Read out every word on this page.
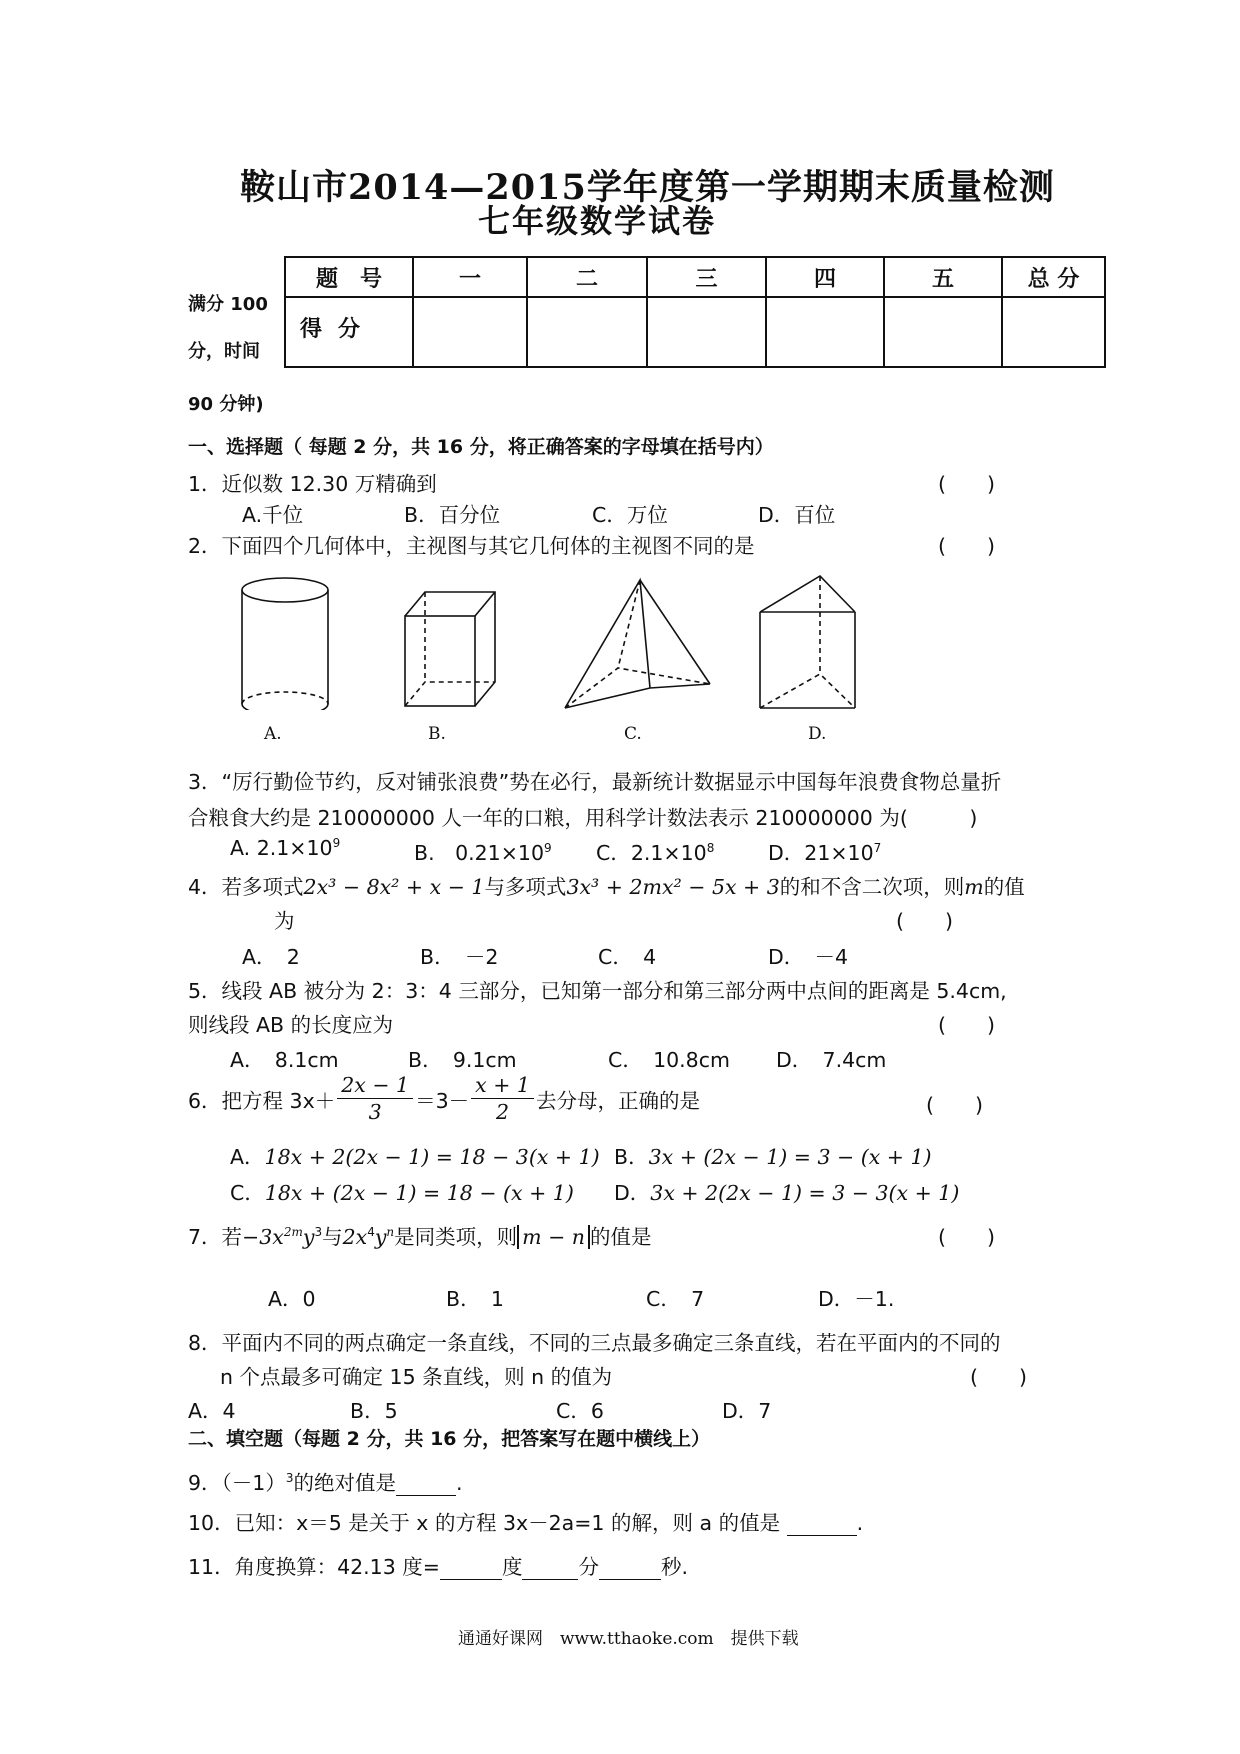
鞍山市2014—2015学年度第一学期期末质量检测
七年级数学试卷
满分 100
分，时间
90 分钟)
题　号	一	二	三	四	五	总 分
得分						
一、选择题（ 每题 2 分，共 16 分，将正确答案的字母填在括号内）
1．近似数 12.30 万精确到	(　　)
A.千位	B．百分位	C．万位	D．百位
2．下面四个几何体中，主视图与其它几何体的主视图不同的是	(　　)
A.	B.	C.	D.
3．“厉行勤俭节约，反对铺张浪费”势在必行，最新统计数据显示中国每年浪费食物总量折
合粮食大约是 210000000 人一年的口粮，用科学计数法表示 210000000 为(　　　)
A. $2.1\times 10^9$	B.　$0.21\times 10^9$ C．$2.1\times 10^8$	D．$21\times 10^7$
4．若多项式2x³ − 8x² + x − 1与多项式3x³ + 2mx² − 5x + 3的和不含二次项，则m的值
为	(　　)
A．　2	B．　－2	C．　4	D．　－4
5．线段 AB 被分为 2：3：4 三部分，已知第一部分和第三部分两中点间的距离是 5.4cm,
则线段 AB 的长度应为	(　　)
A．　8.1cm	B．　9.1cm	C．　10.8cm D．　7.4cm
6．把方程 $3x+ \frac{2x - 1}{3} =3- \frac{x + 1}{2}$ 去分母，正确的是	(　　)
A．18x + 2(2x − 1) = 18 − 3(x + 1) B．3x + (2x − 1) = 3 − (x + 1)
C．18x + (2x − 1) = 18 − (x + 1) D．3x + 2(2x − 1) = 3 − 3(x + 1)
7．若$-3x^{2m}y^3$与$2x^4y^n$是同类项，则 m − n 的值是	(　　)
A．0	B．　1	C．　7	D．－1.
8．平面内不同的两点确定一条直线，不同的三点最多确定三条直线，若在平面内的不同的
n 个点最多可确定 15 条直线，则 n 的值为	(　　)
A．4	B．5	C．6	D．7
二、填空题（每题 2 分，共 16 分，把答案写在题中横线上）
9．$(-1)^3$的绝对值是	.
10．已知：x＝5 是关于 x 的方程 3x－2a=1 的解，则 a 的值是	.
11．角度换算：42.13 度=	度	分	秒.
通通好课网　www.tthaoke.com　提供下载
